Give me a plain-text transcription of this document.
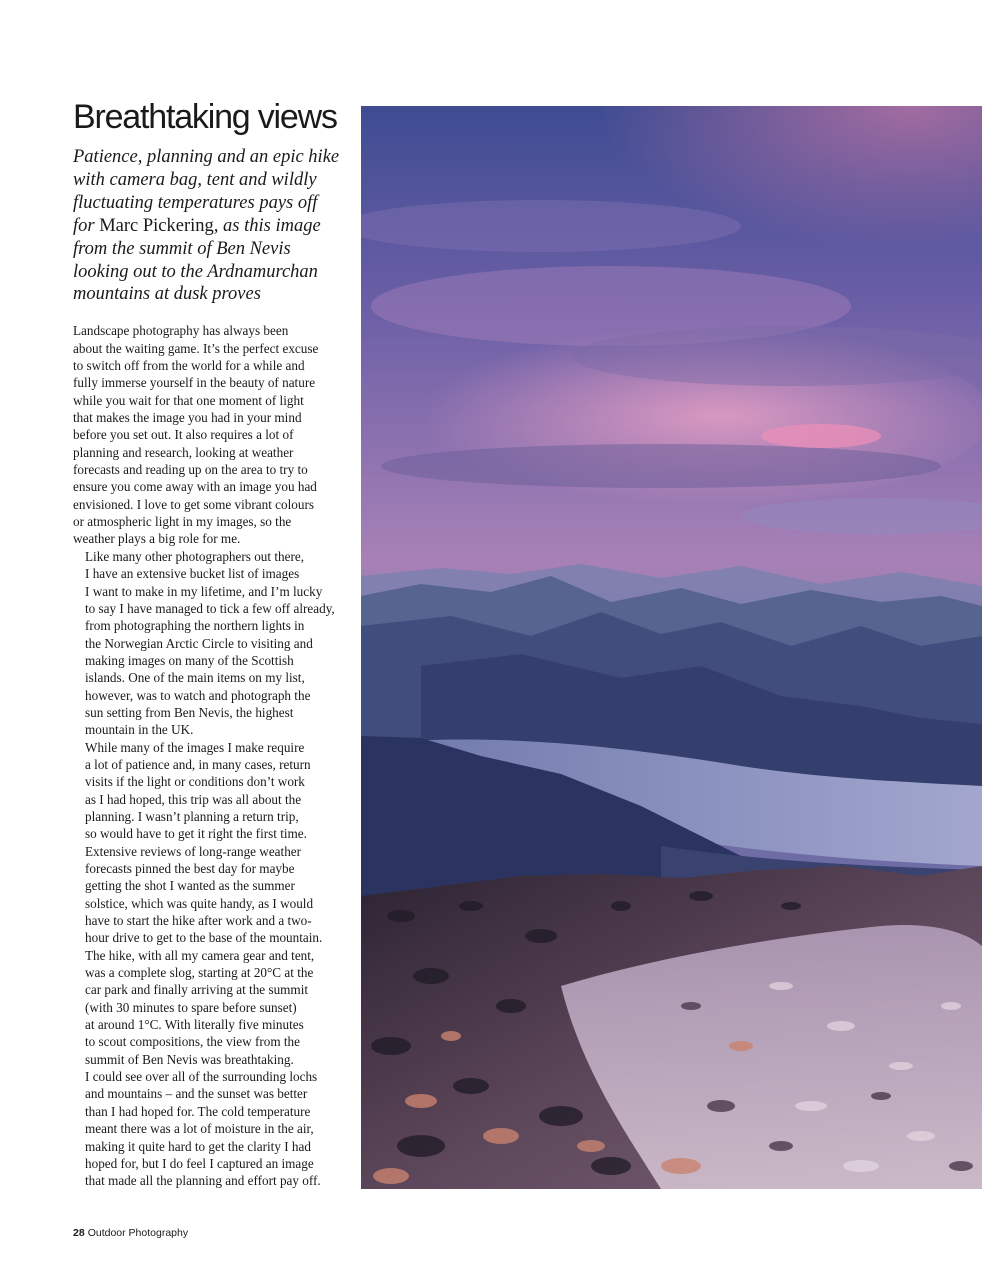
Breathtaking views

Patience, planning and an epic hike with camera bag, tent and wildly fluctuating temperatures pays off for Marc Pickering, as this image from the summit of Ben Nevis looking out to the Ardnamurchan mountains at dusk proves

Landscape photography has always been
about the waiting game. It’s the perfect excuse
to switch off from the world for a while and
fully immerse yourself in the beauty of nature
while you wait for that one moment of light
that makes the image you had in your mind
before you set out. It also requires a lot of
planning and research, looking at weather
forecasts and reading up on the area to try to
ensure you come away with an image you had
envisioned. I love to get some vibrant colours
or atmospheric light in my images, so the
weather plays a big role for me.

Like many other photographers out there,
I have an extensive bucket list of images
I want to make in my lifetime, and I’m lucky
to say I have managed to tick a few off already,
from photographing the northern lights in
the Norwegian Arctic Circle to visiting and
making images on many of the Scottish
islands. One of the main items on my list,
however, was to watch and photograph the
sun setting from Ben Nevis, the highest
mountain in the UK.

While many of the images I make require
a lot of patience and, in many cases, return
visits if the light or conditions don’t work
as I had hoped, this trip was all about the
planning. I wasn’t planning a return trip,
so would have to get it right the first time.
Extensive reviews of long-range weather
forecasts pinned the best day for maybe
getting the shot I wanted as the summer
solstice, which was quite handy, as I would
have to start the hike after work and a two-
hour drive to get to the base of the mountain.

The hike, with all my camera gear and tent,
was a complete slog, starting at 20°C at the
car park and finally arriving at the summit
(with 30 minutes to spare before sunset)
at around 1°C. With literally five minutes
to scout compositions, the view from the
summit of Ben Nevis was breathtaking.
I could see over all of the surrounding lochs
and mountains – and the sunset was better
than I had hoped for. The cold temperature
meant there was a lot of moisture in the air,
making it quite hard to get the clarity I had
hoped for, but I do feel I captured an image
that made all the planning and effort pay off.

28 Outdoor Photography
